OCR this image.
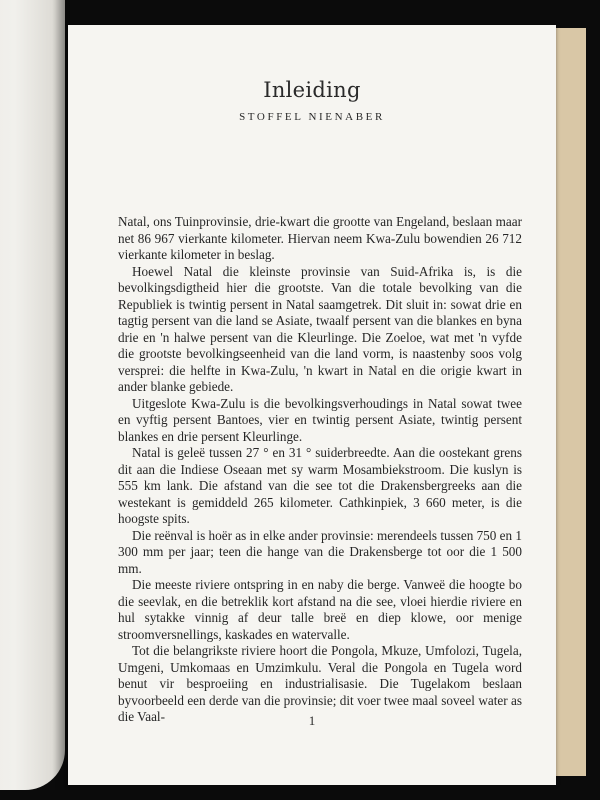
Inleiding
STOFFEL NIENABER

Natal, ons Tuinprovinsie, drie-kwart die grootte van Engeland, beslaan maar net 86 967 vierkante kilometer. Hiervan neem Kwa-Zulu bowendien 26 712 vierkante kilometer in beslag.

Hoewel Natal die kleinste provinsie van Suid-Afrika is, is die bevolkingsdigtheid hier die grootste. Van die totale bevolking van die Republiek is twintig persent in Natal saamgetrek. Dit sluit in: sowat drie en tagtig persent van die land se Asiate, twaalf persent van die blankes en byna drie en 'n halwe persent van die Kleurlinge. Die Zoeloe, wat met 'n vyfde die grootste bevolkingseenheid van die land vorm, is naastenby soos volg versprei: die helfte in Kwa-Zulu, 'n kwart in Natal en die origie kwart in ander blanke gebiede.

Uitgeslote Kwa-Zulu is die bevolkingsverhoudings in Natal sowat twee en vyftig persent Bantoes, vier en twintig persent Asiate, twintig persent blankes en drie persent Kleurlinge.

Natal is geleë tussen 27 ° en 31 ° suiderbreedte. Aan die oostekant grens dit aan die Indiese Oseaan met sy warm Mosambiekstroom. Die kuslyn is 555 km lank. Die afstand van die see tot die Drakensbergreeks aan die westekant is gemiddeld 265 kilometer. Cathkinpiek, 3 660 meter, is die hoogste spits.

Die reënval is hoër as in elke ander provinsie: merendeels tussen 750 en 1 300 mm per jaar; teen die hange van die Drakensberge tot oor die 1 500 mm.

Die meeste riviere ontspring in en naby die berge. Vanweë die hoogte bo die seevlak, en die betreklik kort afstand na die see, vloei hierdie riviere en hul sytakke vinnig af deur talle breë en diep klowe, oor menige stroomversnellings, kaskades en watervalle.

Tot die belangrikste riviere hoort die Pongola, Mkuze, Umfolozi, Tugela, Umgeni, Umkomaas en Umzimkulu. Veral die Pongola en Tugela word benut vir besproeiing en industrialisasie. Die Tugelakom beslaan byvoorbeeld een derde van die provinsie; dit voer twee maal soveel water as die Vaal-	1
